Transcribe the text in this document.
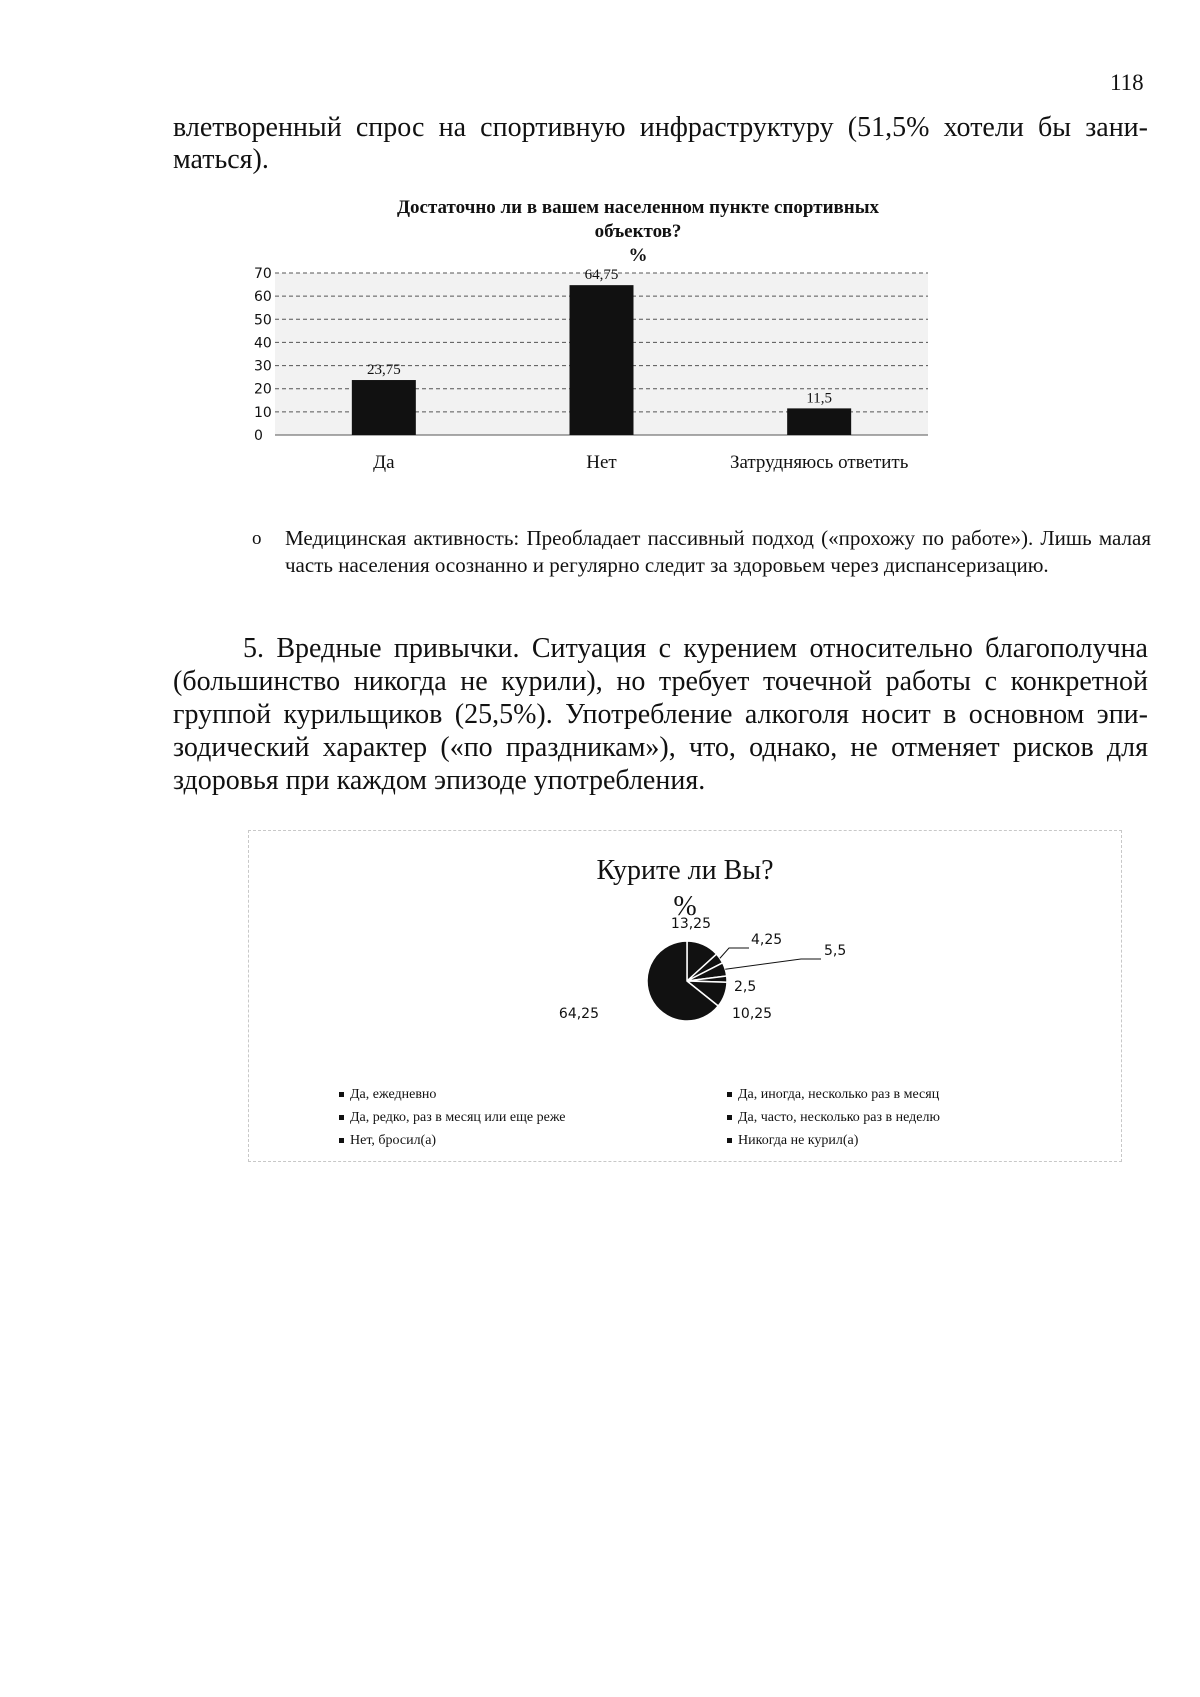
118
влетворенный спрос на спортивную инфраструктуру (51,5% хотели бы зани-
маться).
Достаточно ли в вашем населенном пункте спортивных
объектов?
%
0
10
20
30
40
50
60
70
23,75
Да
64,75
Нет
11,5
Затрудняюсь ответить
o Медицинская активность: Преобладает пассивный подход («прохожу по работе»). Лишь малая часть населения осознанно и регулярно следит за здоровьем через диспансеризацию.

5. Вредные привычки. Ситуация с курением относительно благополучна (большинство никогда не курили), но требует точечной работы с конкретной группой курильщиков (25,5%). Употребление алкоголя носит в основном эпизодический характер («по праздникам»), что, однако, не отменяет рисков для здоровья при каждом эпизоде употребления.

Курите ли Вы?
%
13,25
4,25
5,5
2,5
10,25
64,25
Да, ежедневно
Да, редко, раз в месяц или еще реже
Нет, бросил(а)
Да, иногда, несколько раз в месяц
Да, часто, несколько раз в неделю
Никогда не курил(а)
